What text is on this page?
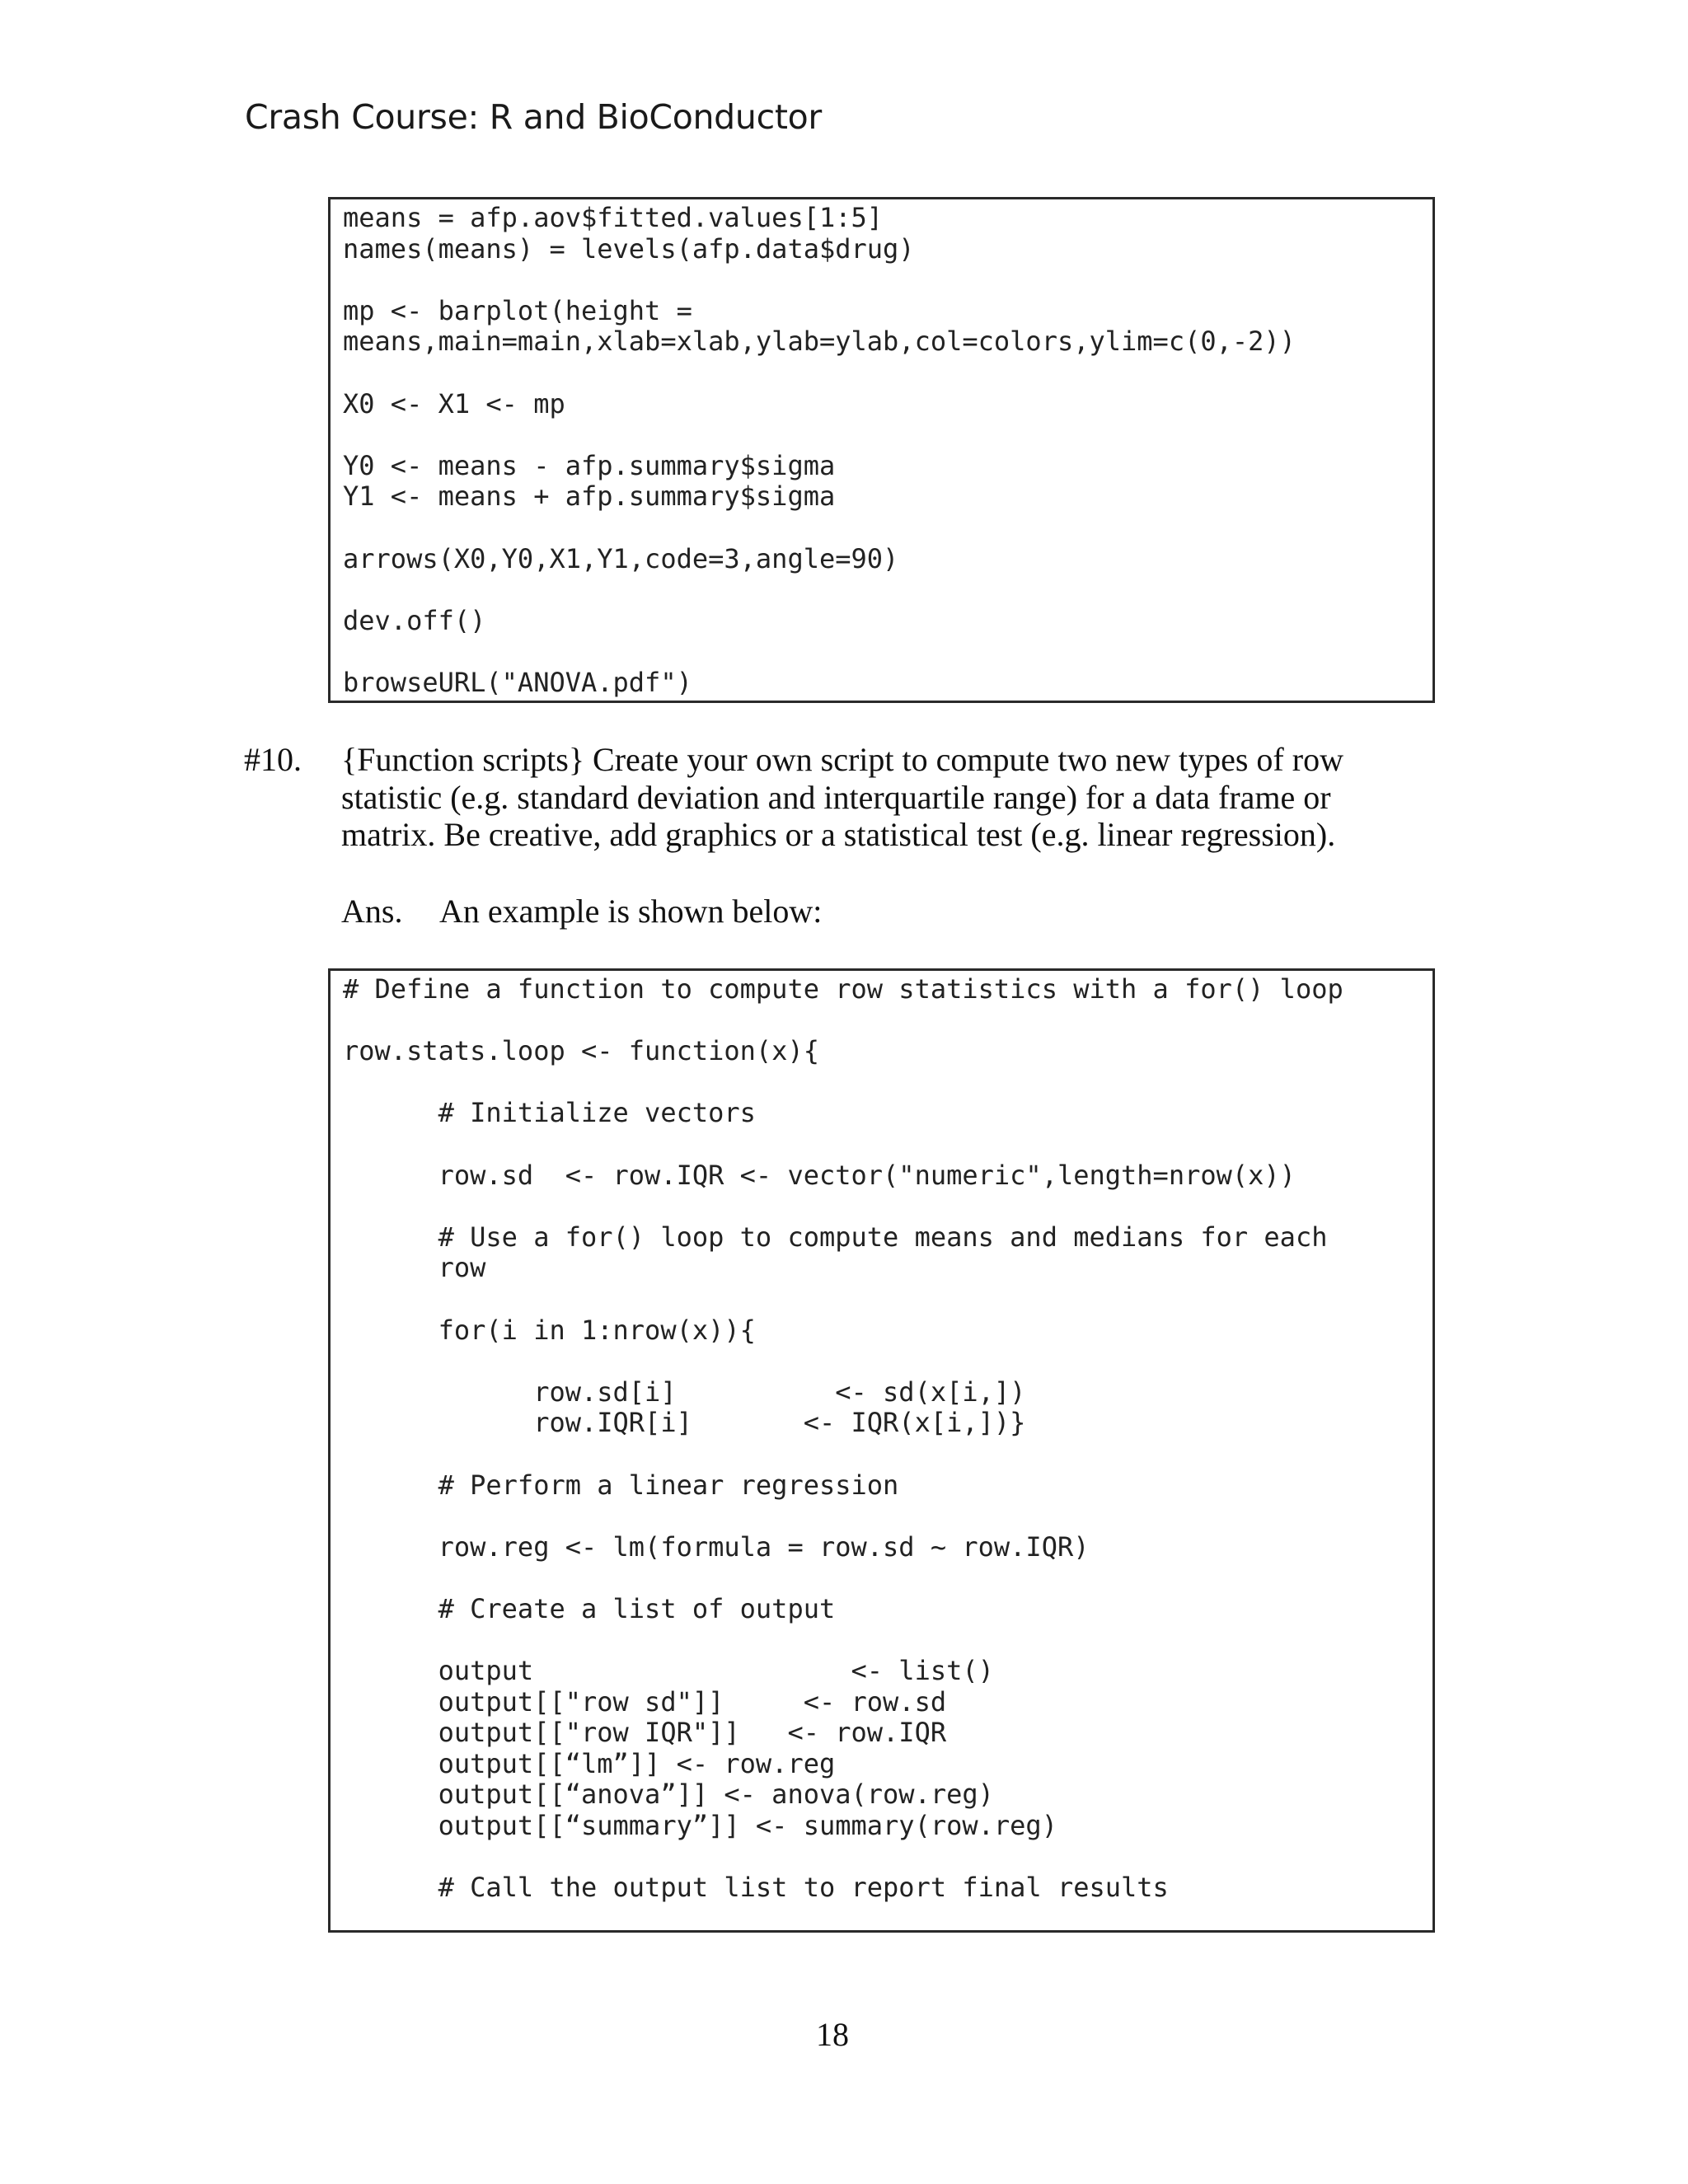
Crash Course: R and BioConductor
means = afp.aov$fitted.values[1:5]
names(means) = levels(afp.data$drug)

mp <- barplot(height =
means,main=main,xlab=xlab,ylab=ylab,col=colors,ylim=c(0,-2))

X0 <- X1 <- mp

Y0 <- means - afp.summary$sigma
Y1 <- means + afp.summary$sigma

arrows(X0,Y0,X1,Y1,code=3,angle=90)

dev.off()

browseURL("ANOVA.pdf")
#10. {Function scripts} Create your own script to compute two new types of row
statistic (e.g. standard deviation and interquartile range) for a data frame or
matrix. Be creative, add graphics or a statistical test (e.g. linear regression).
Ans. An example is shown below:
# Define a function to compute row statistics with a for() loop

row.stats.loop <- function(x){

# Initialize vectors

row.sd  <- row.IQR <- vector("numeric",length=nrow(x))

# Use a for() loop to compute means and medians for each
row

for(i in 1:nrow(x)){

row.sd[i]          <- sd(x[i,])
row.IQR[i]       <- IQR(x[i,])}

# Perform a linear regression

row.reg <- lm(formula = row.sd ~ row.IQR)

# Create a list of output

output                    <- list()
output[["row sd"]]     <- row.sd
output[["row IQR"]]   <- row.IQR
output[[“lm”]] <- row.reg
output[[“anova”]] <- anova(row.reg)
output[[“summary”]] <- summary(row.reg)

# Call the output list to report final results
18
